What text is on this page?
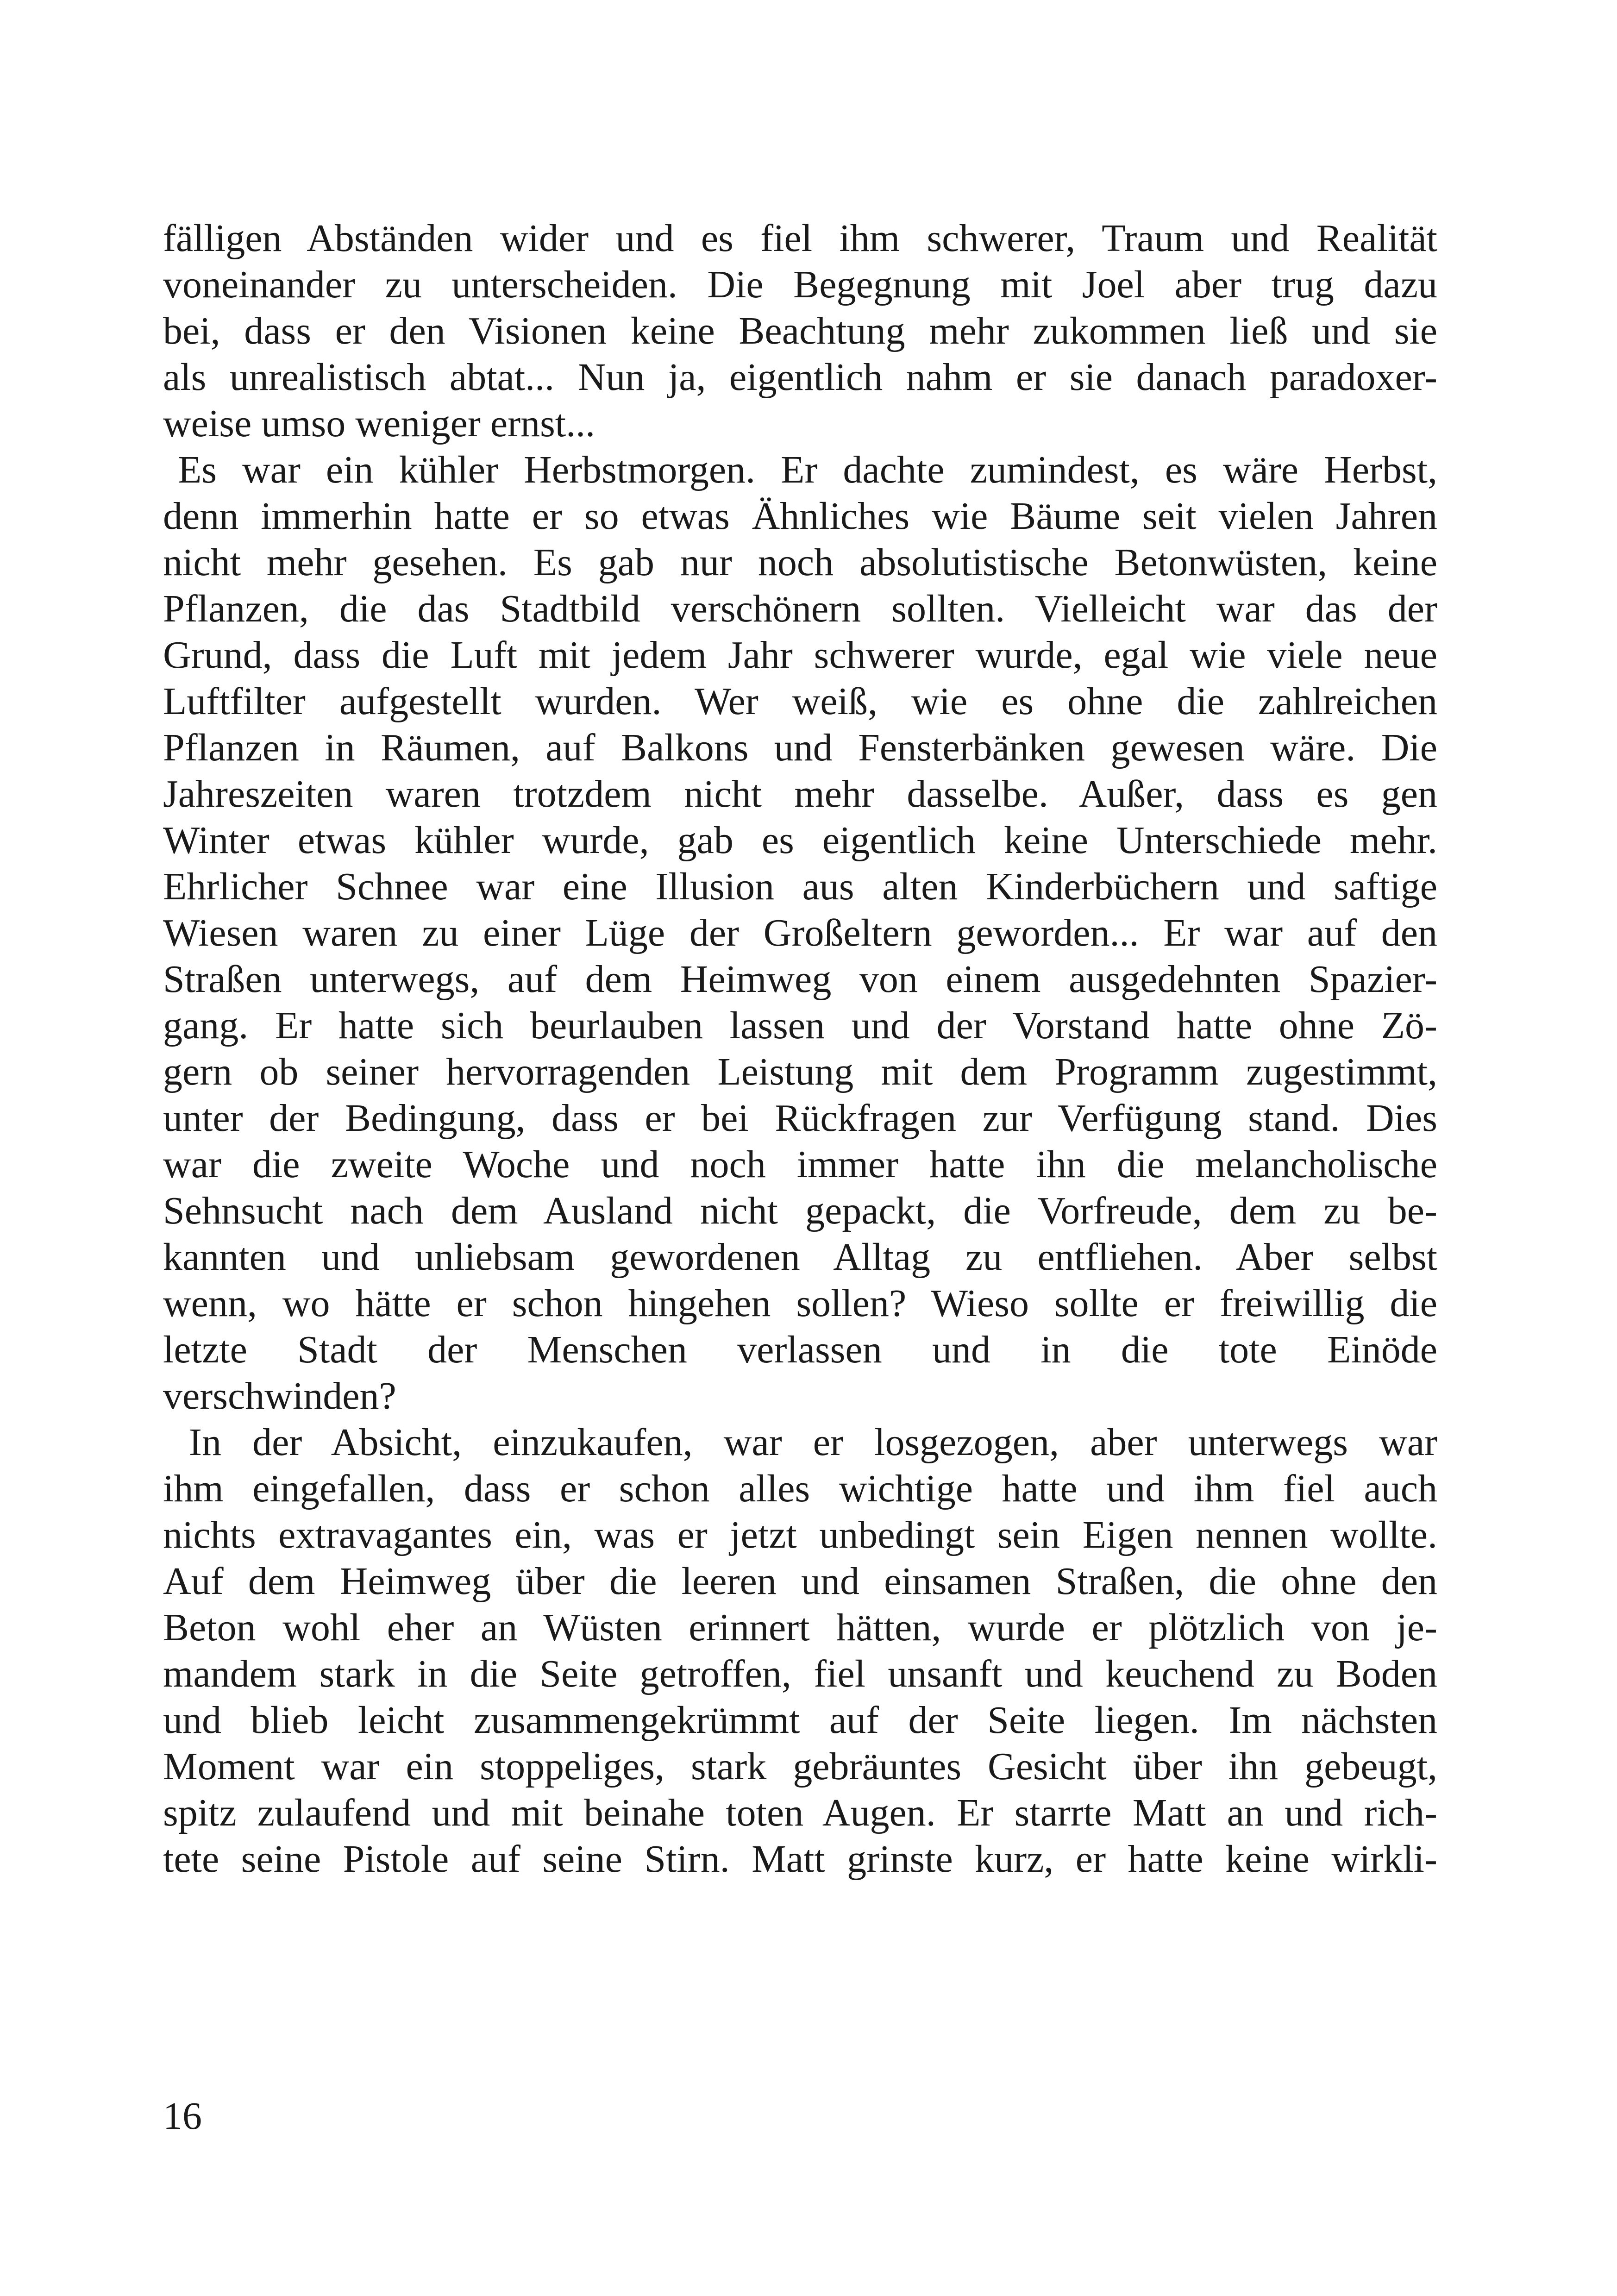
fälligen Abständen wider und es fiel ihm schwerer, Traum und Realität
voneinander zu unterscheiden. Die Begegnung mit Joel aber trug dazu
bei, dass er den Visionen keine Beachtung mehr zukommen ließ und sie
als unrealistisch abtat... Nun ja, eigentlich nahm er sie danach paradoxer-
weise umso weniger ernst...
Es war ein kühler Herbstmorgen. Er dachte zumindest, es wäre Herbst,
denn immerhin hatte er so etwas Ähnliches wie Bäume seit vielen Jahren
nicht mehr gesehen. Es gab nur noch absolutistische Betonwüsten, keine
Pflanzen, die das Stadtbild verschönern sollten. Vielleicht war das der
Grund, dass die Luft mit jedem Jahr schwerer wurde, egal wie viele neue
Luftfilter aufgestellt wurden. Wer weiß, wie es ohne die zahlreichen
Pflanzen in Räumen, auf Balkons und Fensterbänken gewesen wäre. Die
Jahreszeiten waren trotzdem nicht mehr dasselbe. Außer, dass es gen
Winter etwas kühler wurde, gab es eigentlich keine Unterschiede mehr.
Ehrlicher Schnee war eine Illusion aus alten Kinderbüchern und saftige
Wiesen waren zu einer Lüge der Großeltern geworden... Er war auf den
Straßen unterwegs, auf dem Heimweg von einem ausgedehnten Spazier-
gang. Er hatte sich beurlauben lassen und der Vorstand hatte ohne Zö-
gern ob seiner hervorragenden Leistung mit dem Programm zugestimmt,
unter der Bedingung, dass er bei Rückfragen zur Verfügung stand. Dies
war die zweite Woche und noch immer hatte ihn die melancholische
Sehnsucht nach dem Ausland nicht gepackt, die Vorfreude, dem zu be-
kannten und unliebsam gewordenen Alltag zu entfliehen. Aber selbst
wenn, wo hätte er schon hingehen sollen? Wieso sollte er freiwillig die
letzte Stadt der Menschen verlassen und in die tote Einöde
verschwinden?
In der Absicht, einzukaufen, war er losgezogen, aber unterwegs war
ihm eingefallen, dass er schon alles wichtige hatte und ihm fiel auch
nichts extravagantes ein, was er jetzt unbedingt sein Eigen nennen wollte.
Auf dem Heimweg über die leeren und einsamen Straßen, die ohne den
Beton wohl eher an Wüsten erinnert hätten, wurde er plötzlich von je-
mandem stark in die Seite getroffen, fiel unsanft und keuchend zu Boden
und blieb leicht zusammengekrümmt auf der Seite liegen. Im nächsten
Moment war ein stoppeliges, stark gebräuntes Gesicht über ihn gebeugt,
spitz zulaufend und mit beinahe toten Augen. Er starrte Matt an und rich-
tete seine Pistole auf seine Stirn. Matt grinste kurz, er hatte keine wirkli-
16
